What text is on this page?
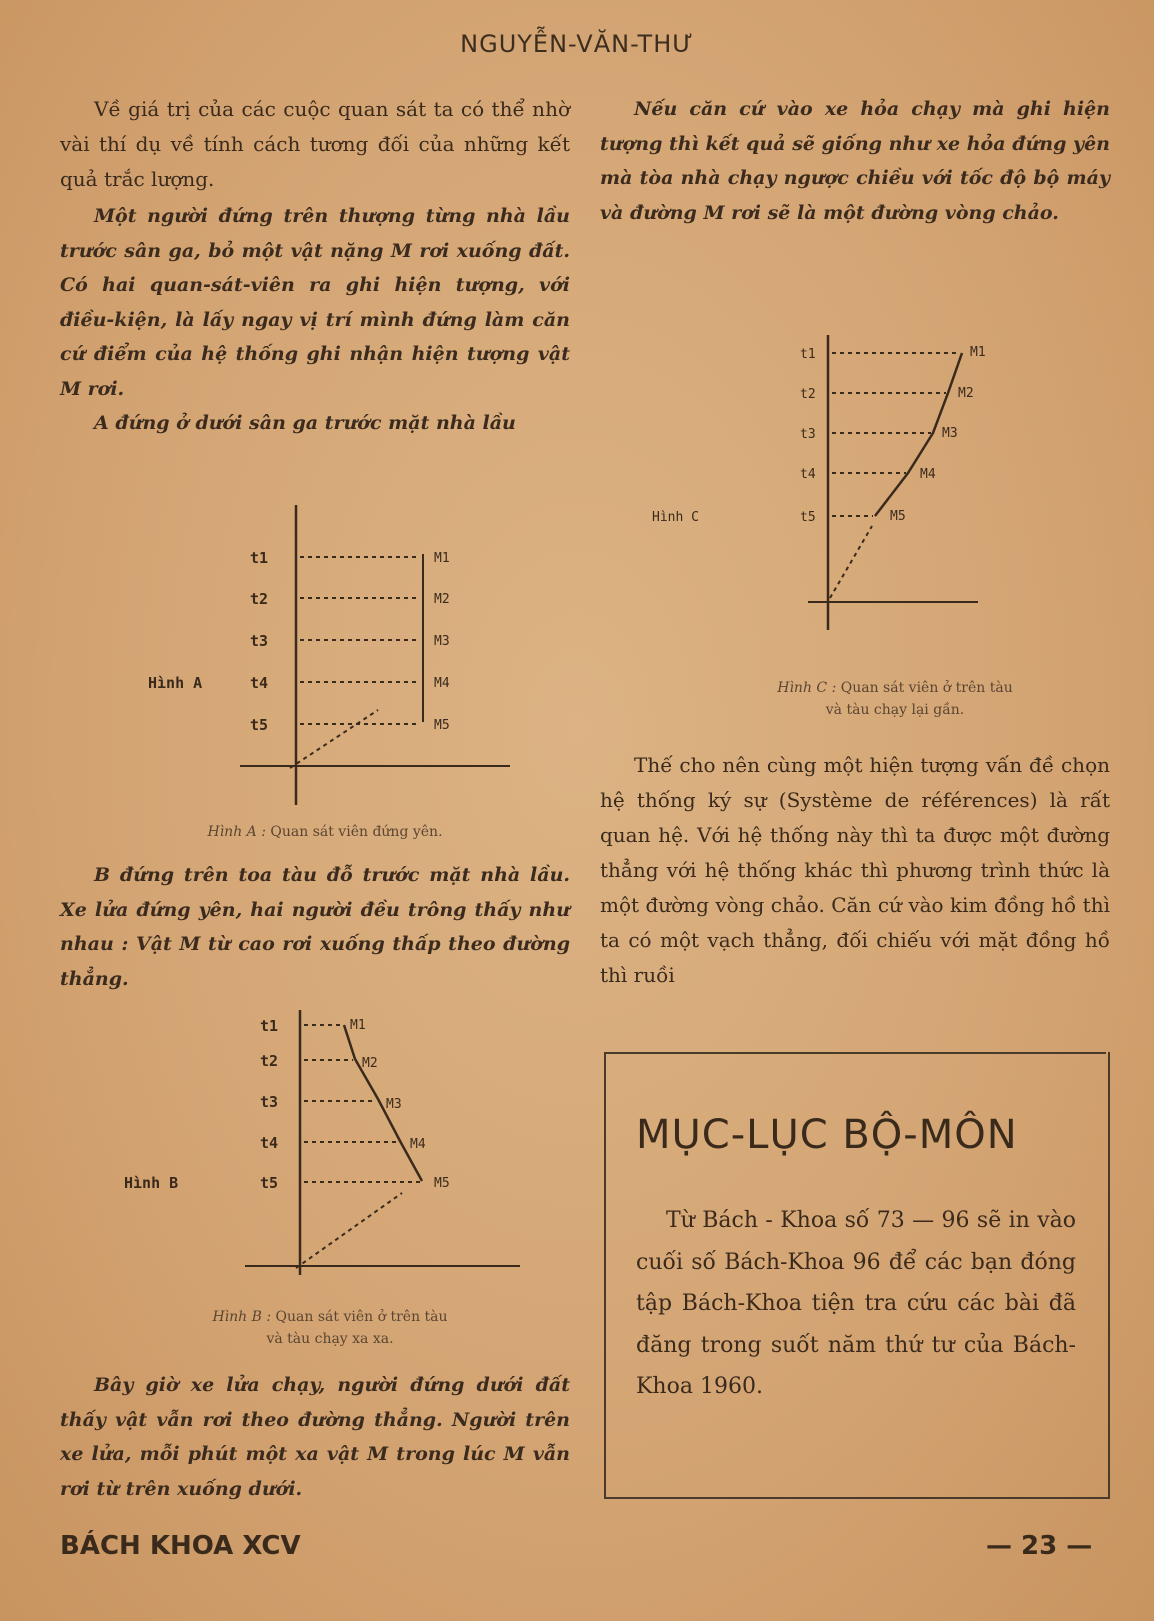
NGUYỄN-VĂN-THƯ

Về giá trị của các cuộc quan sát ta có thể nhờ vài thí dụ về tính cách tương đối của những kết quả trắc lượng.

Một người đứng trên thượng từng nhà lầu trước sân ga, bỏ một vật nặng M rơi xuống đất. Có hai quan-sát-viên ra ghi hiện tượng, với điều-kiện, là lấy ngay vị trí mình đứng làm căn cứ điểm của hệ thống ghi nhận hiện tượng vật M rơi.

A đứng ở dưới sân ga trước mặt nhà lầu

t1
t2
t3
t4
t5
M1
M2
M3
M4
M5
Hình A
Hình A : Quan sát viên đứng yên.

B đứng trên toa tàu đỗ trước mặt nhà lầu. Xe lửa đứng yên, hai người đều trông thấy như nhau : Vật M từ cao rơi xuống thấp theo đường thẳng.

t1
t2
t3
t4
t5
M1
M2
M3
M4
M5
Hình B
Hình B : Quan sát viên ở trên tàu
và tàu chạy xa xa.

Bây giờ xe lửa chạy, người đứng dưới đất thấy vật vẫn rơi theo đường thẳng. Người trên xe lửa, mỗi phút một xa vật M trong lúc M vẫn rơi từ trên xuống dưới.

Nếu căn cứ vào xe hỏa chạy mà ghi hiện tượng thì kết quả sẽ giống như xe hỏa đứng yên mà tòa nhà chạy ngược chiều với tốc độ bộ máy và đường M rơi sẽ là một đường vòng chảo.

t1
t2
t3
t4
t5
M1
M2
M3
M4
M5
Hình C
Hình C : Quan sát viên ở trên tàu
và tàu chạy lại gần.

Thế cho nên cùng một hiện tượng vấn đề chọn hệ thống ký sự (Système de références) là rất quan hệ. Với hệ thống này thì ta được một đường thẳng với hệ thống khác thì phương trình thức là một đường vòng chảo. Căn cứ vào kim đồng hồ thì ta có một vạch thẳng, đối chiếu với mặt đồng hồ thì ruồi

MỤC-LỤC BỘ-MÔN
Từ Bách - Khoa số 73 — 96 sẽ in vào cuối số Bách-Khoa 96 để các bạn đóng tập Bách-Khoa tiện tra cứu các bài đã đăng trong suốt năm thứ tư của Bách-Khoa 1960.
BÁCH KHOA XCV	— 23 —
